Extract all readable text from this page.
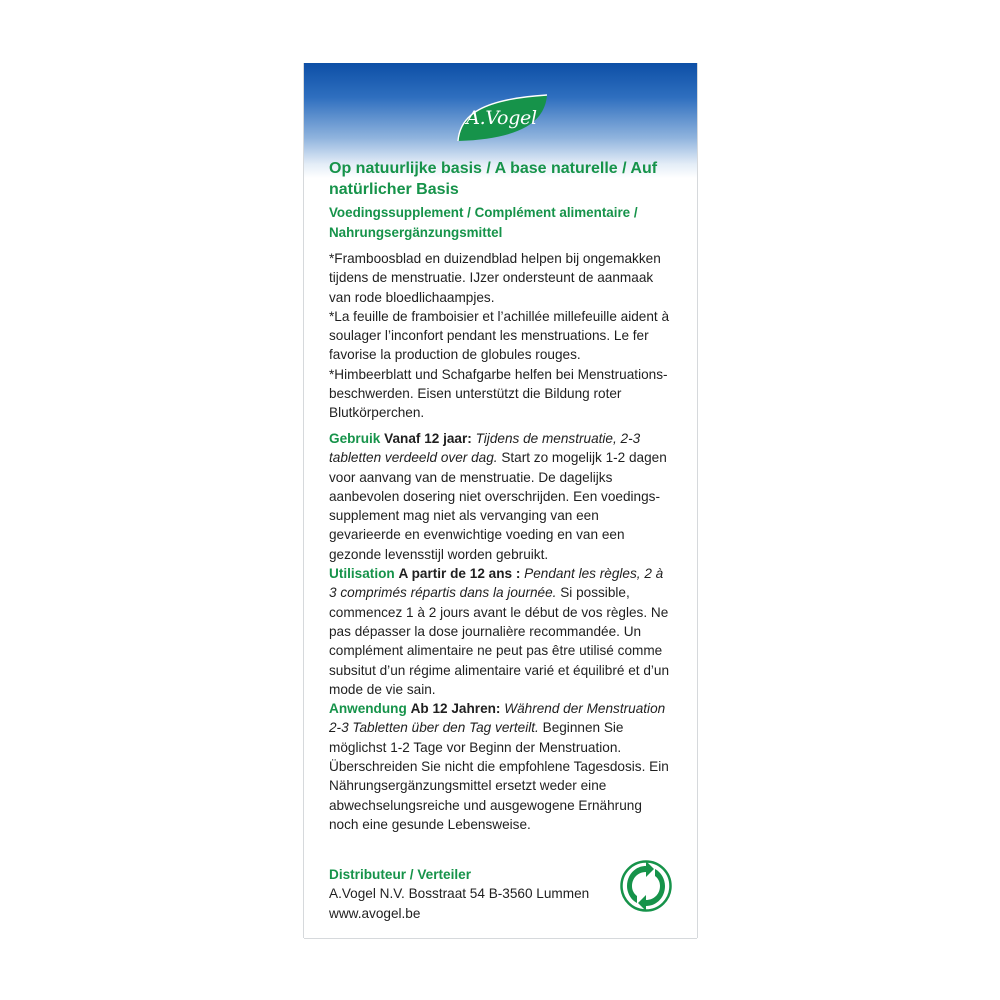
A.Vogel
Op natuurlijke basis / A base naturelle / Auf natürlicher Basis
Voedingssupplement / Complément alimentaire / Nahrungsergänzungsmittel

*Framboosblad en duizendblad helpen bij ongemakken tijdens de menstruatie. IJzer ondersteunt de aanmaak van rode bloedlichaampjes.

*La feuille de framboisier et l’achillée millefeuille aident à soulager l’inconfort pendant les menstruations. Le fer favorise la production de globules rouges.

*Himbeerblatt und Schafgarbe helfen bei Menstruations-beschwerden. Eisen unterstützt die Bildung roter Blutkörperchen.

Gebruik Vanaf 12 jaar: Tijdens de menstruatie, 2-3 tabletten verdeeld over dag. Start zo mogelijk 1-2 dagen voor aanvang van de menstruatie. De dagelijks aanbevolen dosering niet overschrijden. Een voedings-supplement mag niet als vervanging van een gevarieerde en evenwichtige voeding en van een gezonde levensstijl worden gebruikt.

Utilisation A partir de 12 ans : Pendant les règles, 2 à 3 comprimés répartis dans la journée. Si possible, commencez 1 à 2 jours avant le début de vos règles. Ne pas dépasser la dose journalière recommandée. Un complément alimentaire ne peut pas être utilisé comme subsitut d’un régime alimentaire varié et équilibré et d’un mode de vie sain.

Anwendung Ab 12 Jahren: Während der Menstruation 2-3 Tabletten über den Tag verteilt. Beginnen Sie möglichst 1-2 Tage vor Beginn der Menstruation. Überschreiden Sie nicht die empfohlene Tagesdosis. Ein Nährungsergänzungsmittel ersetzt weder eine abwechselungsreiche und ausgewogene Ernährung noch eine gesunde Lebensweise.

Distributeur / Verteiler

A.Vogel N.V. Bosstraat 54 B-3560 Lummen

www.avogel.be
